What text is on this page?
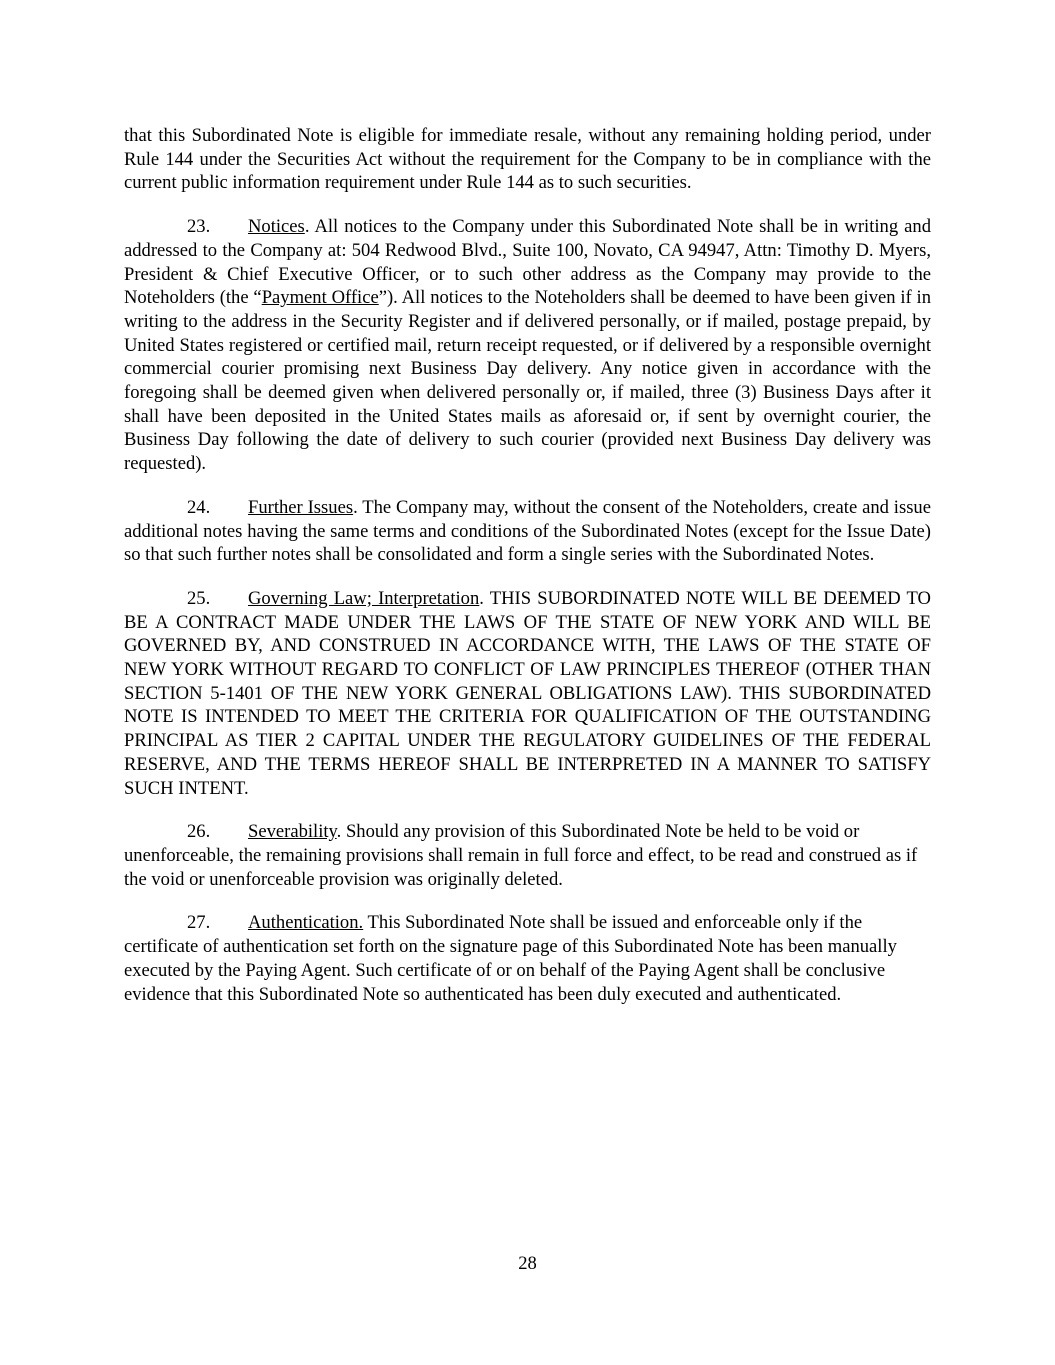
that this Subordinated Note is eligible for immediate resale, without any remaining holding period, under Rule 144 under the Securities Act without the requirement for the Company to be in compliance with the current public information requirement under Rule 144 as to such securities.

23. Notices. All notices to the Company under this Subordinated Note shall be in writing and addressed to the Company at: 504 Redwood Blvd., Suite 100, Novato, CA 94947, Attn: Timothy D. Myers, President & Chief Executive Officer, or to such other address as the Company may provide to the Noteholders (the “Payment Office”). All notices to the Noteholders shall be deemed to have been given if in writing to the address in the Security Register and if delivered personally, or if mailed, postage prepaid, by United States registered or certified mail, return receipt requested, or if delivered by a responsible overnight commercial courier promising next Business Day delivery. Any notice given in accordance with the foregoing shall be deemed given when delivered personally or, if mailed, three (3) Business Days after it shall have been deposited in the United States mails as aforesaid or, if sent by overnight courier, the Business Day following the date of delivery to such courier (provided next Business Day delivery was requested).

24. Further Issues. The Company may, without the consent of the Noteholders, create and issue additional notes having the same terms and conditions of the Subordinated Notes (except for the Issue Date) so that such further notes shall be consolidated and form a single series with the Subordinated Notes.

25. Governing Law; Interpretation. THIS SUBORDINATED NOTE WILL BE DEEMED TO BE A CONTRACT MADE UNDER THE LAWS OF THE STATE OF NEW YORK AND WILL BE GOVERNED BY, AND CONSTRUED IN ACCORDANCE WITH, THE LAWS OF THE STATE OF NEW YORK WITHOUT REGARD TO CONFLICT OF LAW PRINCIPLES THEREOF (OTHER THAN SECTION 5-1401 OF THE NEW YORK GENERAL OBLIGATIONS LAW). THIS SUBORDINATED NOTE IS INTENDED TO MEET THE CRITERIA FOR QUALIFICATION OF THE OUTSTANDING PRINCIPAL AS TIER 2 CAPITAL UNDER THE REGULATORY GUIDELINES OF THE FEDERAL RESERVE, AND THE TERMS HEREOF SHALL BE INTERPRETED IN A MANNER TO SATISFY SUCH INTENT.

26. Severability. Should any provision of this Subordinated Note be held to be void or unenforceable, the remaining provisions shall remain in full force and effect, to be read and construed as if the void or unenforceable provision was originally deleted.

27. Authentication. This Subordinated Note shall be issued and enforceable only if the certificate of authentication set forth on the signature page of this Subordinated Note has been manually executed by the Paying Agent. Such certificate of or on behalf of the Paying Agent shall be conclusive evidence that this Subordinated Note so authenticated has been duly executed and authenticated.

28
